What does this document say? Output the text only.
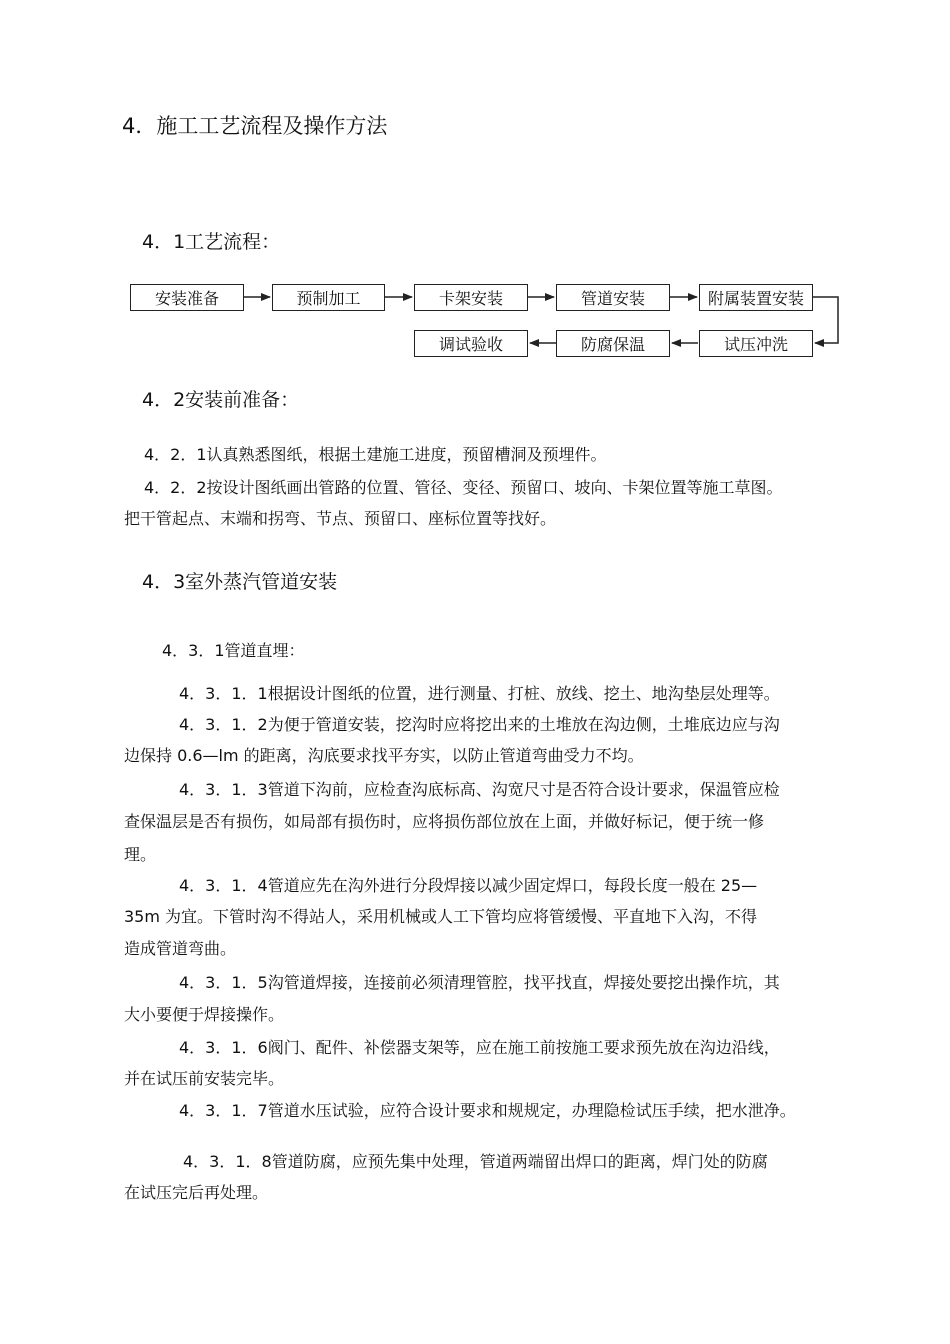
4．施工工艺流程及操作方法

4．1工艺流程：

安装准备	预制加工	卡架安装	管道安装	附属装置安装
试压冲洗
防腐保温
调试验收

4．2安装前准备：

4．2．1认真熟悉图纸，根据土建施工进度，预留槽洞及预埋件。

4．2．2按设计图纸画出管路的位置、管径、变径、预留口、坡向、卡架位置等施工草图。

把干管起点、末端和拐弯、节点、预留口、座标位置等找好。

4．3室外蒸汽管道安装

4．3．1管道直埋：

4．3．1．1根据设计图纸的位置，进行测量、打桩、放线、挖土、地沟垫层处理等。

4．3．1．2为便于管道安装，挖沟时应将挖出来的土堆放在沟边侧，土堆底边应与沟

边保持 0.6—lm 的距离，沟底要求找平夯实，以防止管道弯曲受力不均。

4．3．1．3管道下沟前，应检查沟底标高、沟宽尺寸是否符合设计要求，保温管应检

查保温层是否有损伤，如局部有损伤时，应将损伤部位放在上面，并做好标记，便于统一修

理。

4．3．1．4管道应先在沟外进行分段焊接以减少固定焊口，每段长度一般在 25—

35m 为宜。下管时沟不得站人，采用机械或人工下管均应将管缓慢、平直地下入沟，不得

造成管道弯曲。

4．3．1．5沟管道焊接，连接前必须清理管腔，找平找直，焊接处要挖出操作坑，其

大小要便于焊接操作。

4．3．1．6阀门、配件、补偿器支架等，应在施工前按施工要求预先放在沟边沿线，

并在试压前安装完毕。

4．3．1．7管道水压试验，应符合设计要求和规规定，办理隐检试压手续，把水泄净。

4．3．1．8管道防腐，应预先集中处理，管道两端留出焊口的距离，焊门处的防腐

在试压完后再处理。
